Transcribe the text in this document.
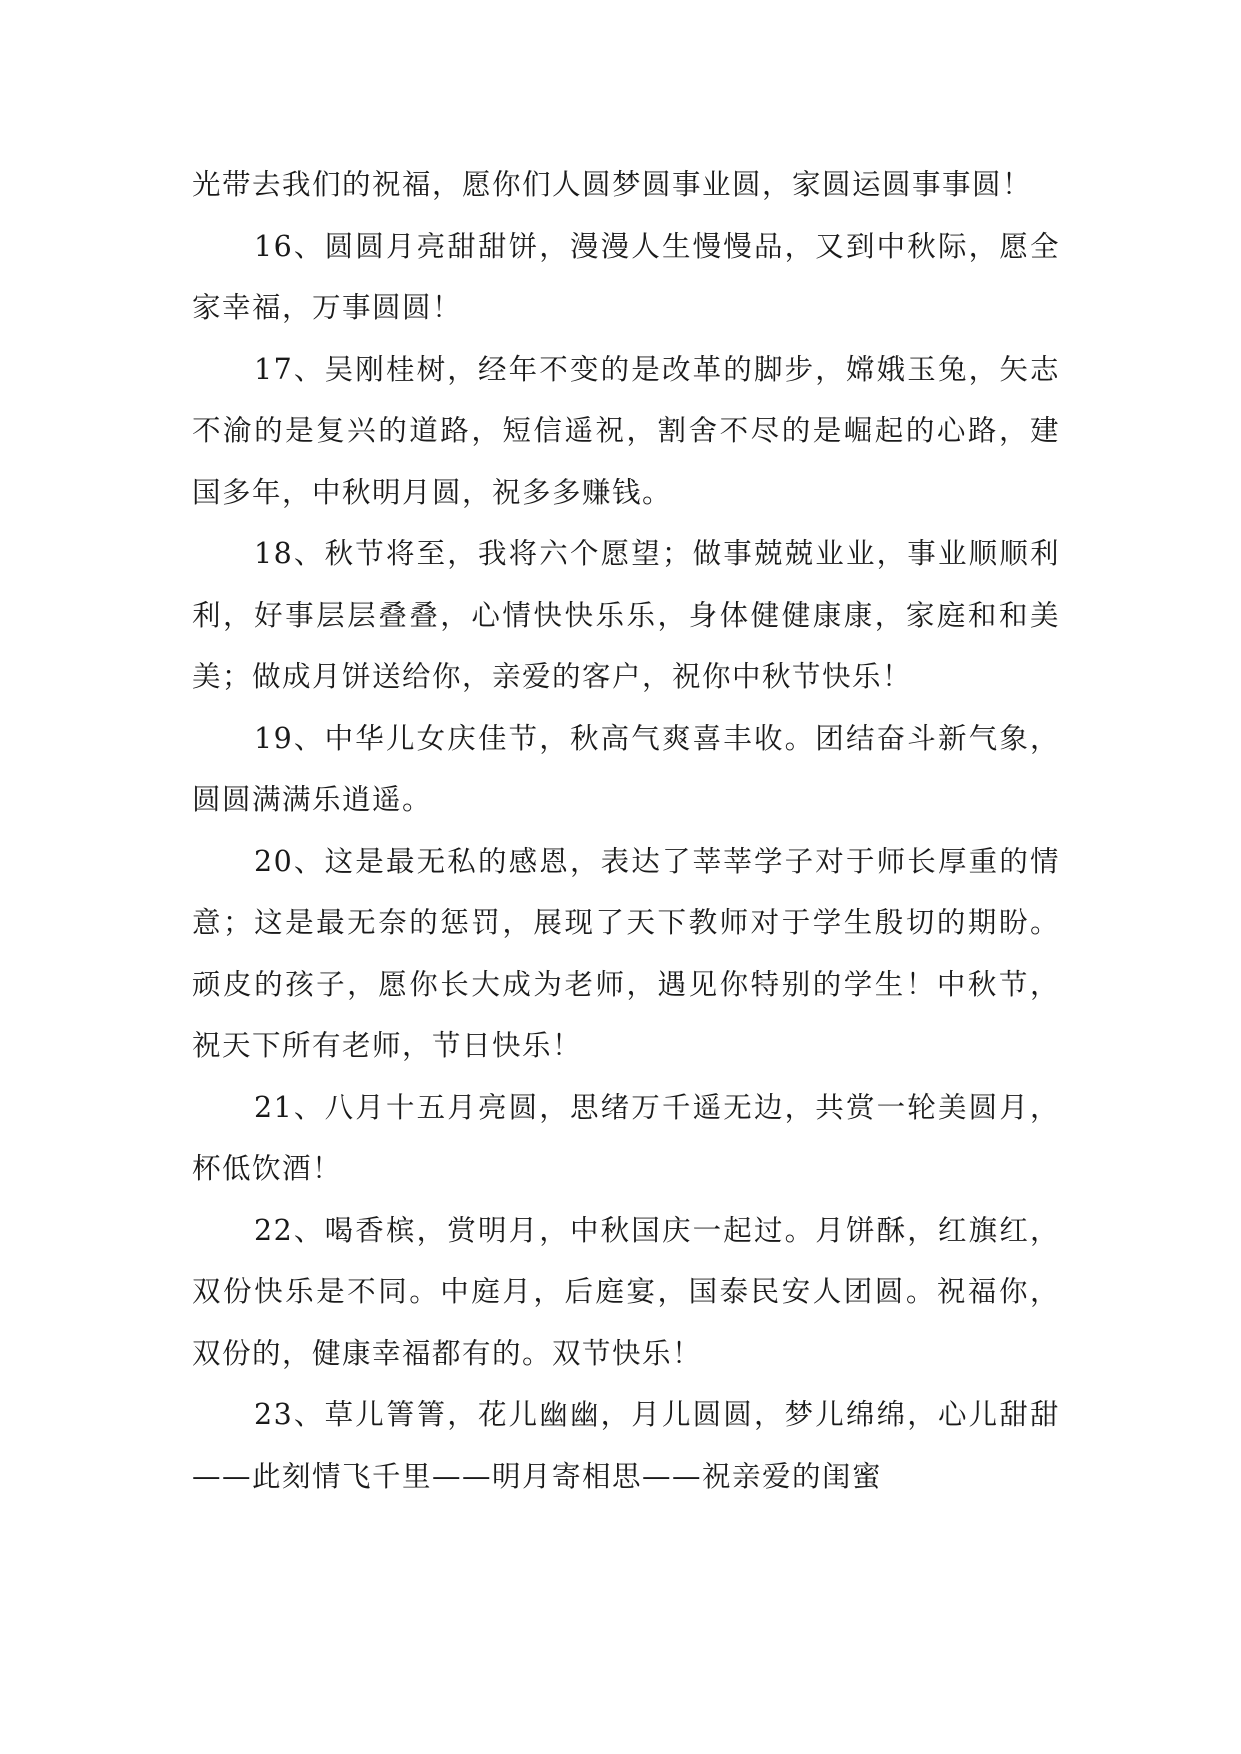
光带去我们的祝福，愿你们人圆梦圆事业圆，家圆运圆事事圆！

16、圆圆月亮甜甜饼，漫漫人生慢慢品，又到中秋际，愿全家幸福，万事圆圆！

17、吴刚桂树，经年不变的是改革的脚步，嫦娥玉兔，矢志不渝的是复兴的道路，短信遥祝，割舍不尽的是崛起的心路，建国多年，中秋明月圆，祝多多赚钱。

18、秋节将至，我将六个愿望；做事兢兢业业，事业顺顺利利，好事层层叠叠，心情快快乐乐，身体健健康康，家庭和和美美；做成月饼送给你，亲爱的客户，祝你中秋节快乐！

19、中华儿女庆佳节，秋高气爽喜丰收。团结奋斗新气象，圆圆满满乐逍遥。

20、这是最无私的感恩，表达了莘莘学子对于师长厚重的情意；这是最无奈的惩罚，展现了天下教师对于学生殷切的期盼。顽皮的孩子，愿你长大成为老师，遇见你特别的学生！中秋节，祝天下所有老师，节日快乐！

21、八月十五月亮圆，思绪万千遥无边，共赏一轮美圆月，杯低饮酒！

22、喝香槟，赏明月，中秋国庆一起过。月饼酥，红旗红，双份快乐是不同。中庭月，后庭宴，国泰民安人团圆。祝福你，双份的，健康幸福都有的。双节快乐！

23、草儿箐箐，花儿幽幽，月儿圆圆，梦儿绵绵，心儿甜甜——此刻情飞千里——明月寄相思——祝亲爱的闺蜜
